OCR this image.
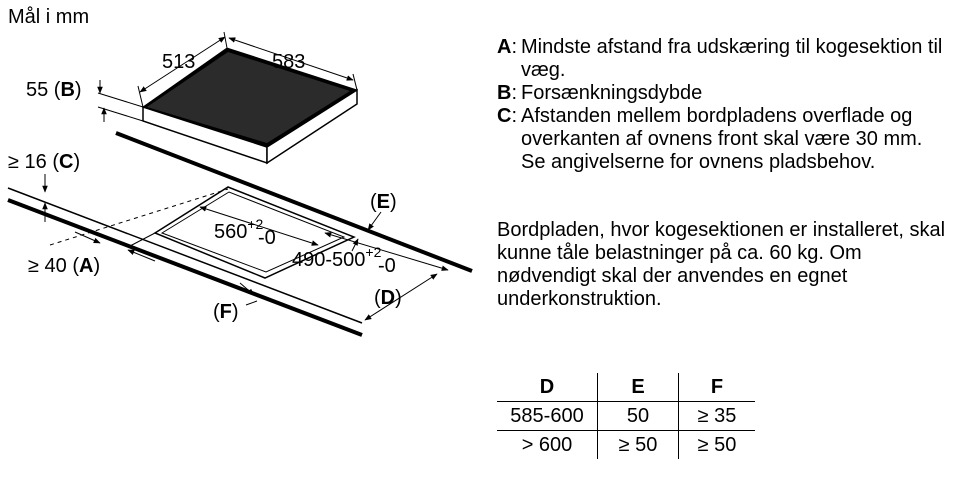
Mål i mm
513	583
55 (B)
$560^{+2}$
-0
$490-500^{+2}$
-0
≥ 16 (C)
≥ 40 (A)
(E)
(F)
(D)
A : Mindste afstand fra udskæring til kogesektion til væg.
B : Forsænkningsdybde
C : Afstanden mellem bordpladens overflade og overkanten af ovnens front skal være 30 mm. Se angivelserne for ovnens pladsbehov.
Bordpladen, hvor kogesektionen er installeret, skal kunne tåle belastninger på ca. 60 kg. Om nødvendigt skal der anvendes en egnet underkonstruktion.
D	E	F
585-600	50	≥ 35
> 600	≥ 50	≥ 50
